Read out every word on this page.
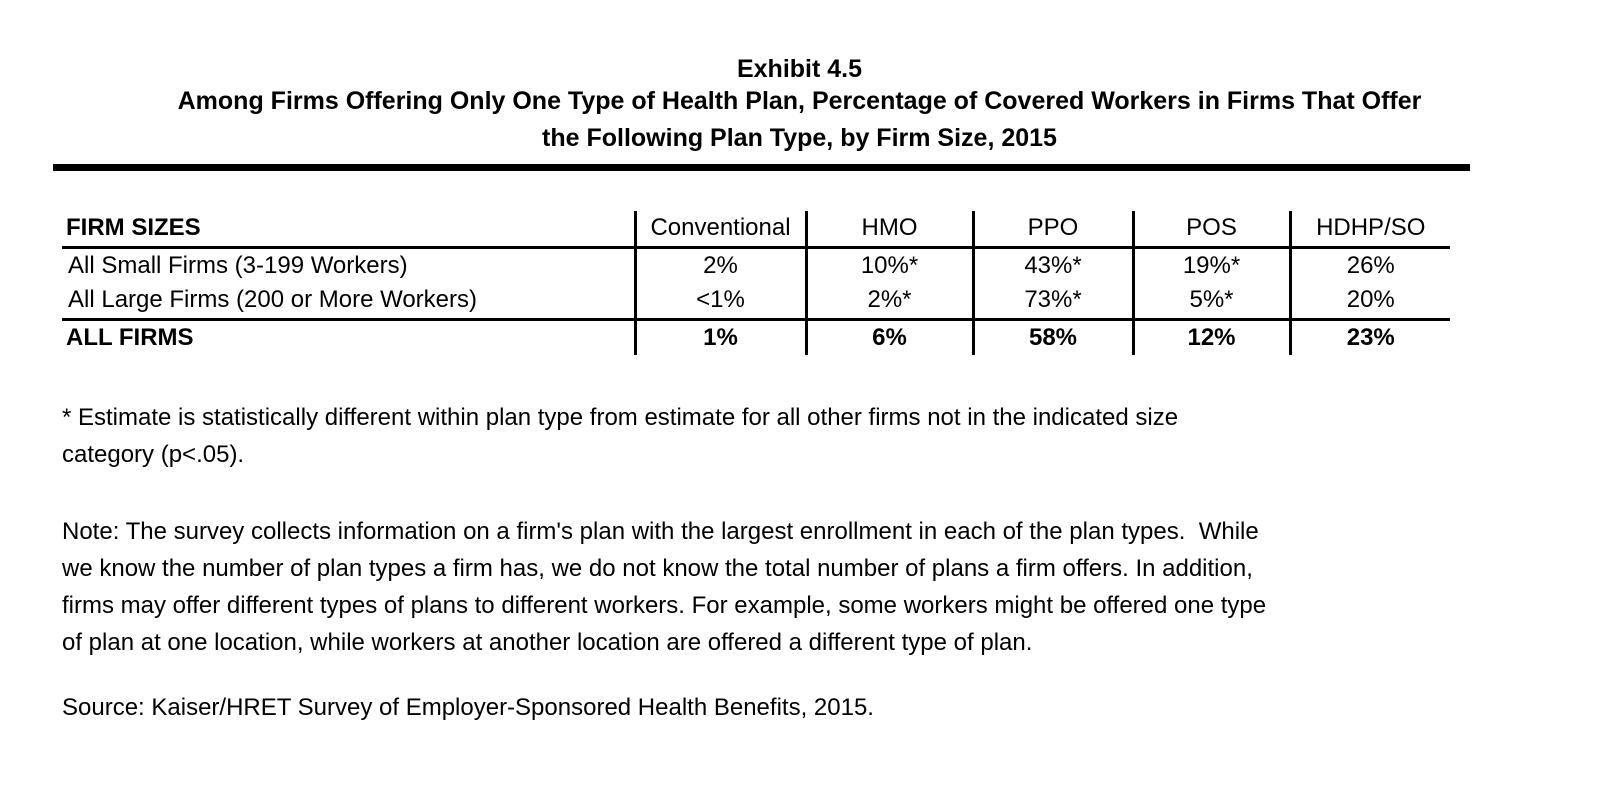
Exhibit 4.5
Among Firms Offering Only One Type of Health Plan, Percentage of Covered Workers in Firms That Offer
the Following Plan Type, by Firm Size, 2015
FIRM SIZES	Conventional	HMO	PPO	POS	HDHP/SO
All Small Firms (3-199 Workers)	2%	10%*	43%*	19%*	26%
All Large Firms (200 or More Workers)	<1%	2%*	73%*	5%*	20%
ALL FIRMS	1%	6%	58%	12%	23%
* Estimate is statistically different within plan type from estimate for all other firms not in the indicated size
category (p<.05).
Note: The survey collects information on a firm's plan with the largest enrollment in each of the plan types.  While
we know the number of plan types a firm has, we do not know the total number of plans a firm offers. In addition,
firms may offer different types of plans to different workers. For example, some workers might be offered one type
of plan at one location, while workers at another location are offered a different type of plan.
Source: Kaiser/HRET Survey of Employer-Sponsored Health Benefits, 2015.
